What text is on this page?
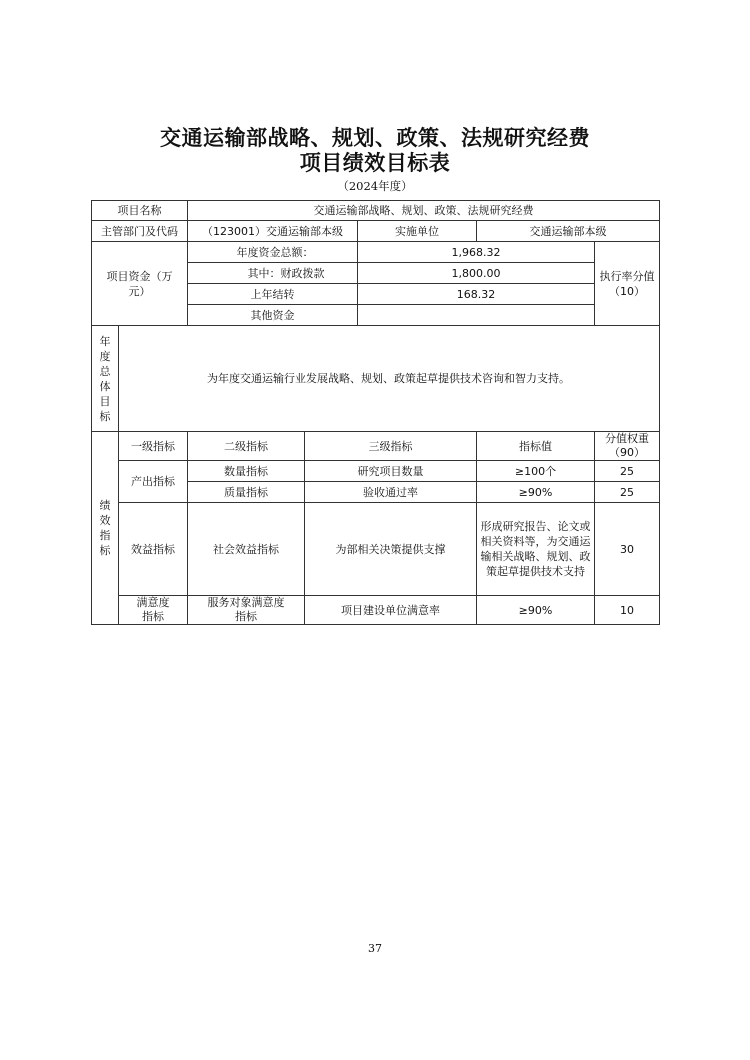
交通运输部战略、规划、政策、法规研究经费
项目绩效目标表
（2024年度）
项目名称		交通运输部战略、规划、政策、法规研究经费				
主管部门及代码		（123001）交通运输部本级		实施单位	交通运输部本级	
项目资金（万元）		年度资金总额：		1,968.32		执行率分值（10）
		其中：财政拨款		1,800.00		
		上年结转		168.32		
		其他资金				

年度总体目标	为年度交通运输行业发展战略、规划、政策起草提供技术咨询和智力支持。					

绩效指标	一级指标	二级指标	三级指标		指标值	分值权重（90）
	产出指标	数量指标	研究项目数量		≥100个	25
		质量指标	验收通过率		≥90%	25
	效益指标	社会效益指标	为部相关决策提供支撑		形成研究报告、论文或相关资料等，为交通运输相关战略、规划、政策起草提供技术支持	30
	满意度指标	服务对象满意度指标	项目建设单位满意率		≥90%	10
37
